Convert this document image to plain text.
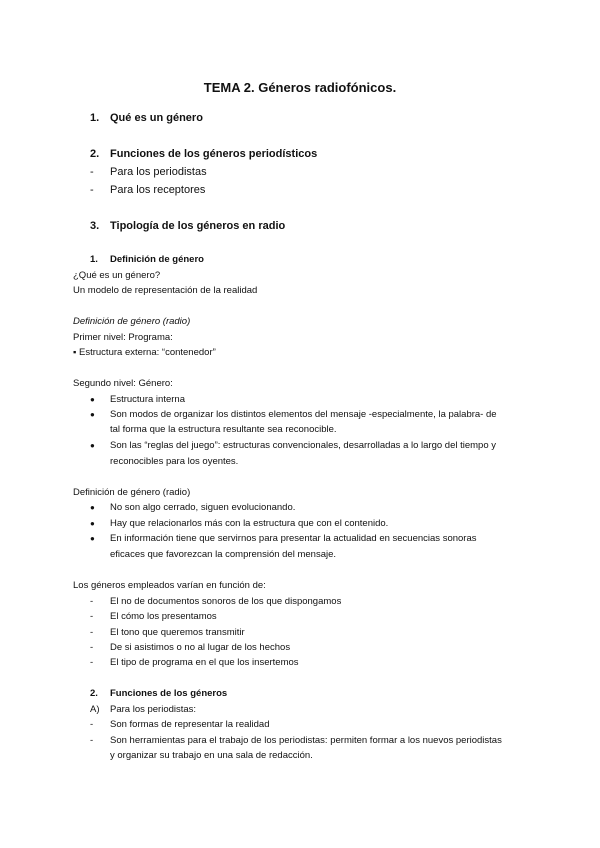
TEMA 2. Géneros radiofónicos.
1. Qué es un género
2. Funciones de los géneros periodísticos
- Para los periodistas
- Para los receptores
3. Tipología de los géneros en radio
1. Definición de género
¿Qué es un género?
Un modelo de representación de la realidad
Definición de género (radio)
Primer nivel: Programa:
▪ Estructura externa: “contenedor”
Segundo nivel: Género:
● Estructura interna
● Son modos de organizar los distintos elementos del mensaje -especialmente, la palabra- de
tal forma que la estructura resultante sea reconocible.
● Son las “reglas del juego”: estructuras convencionales, desarrolladas a lo largo del tiempo y
reconocibles para los oyentes.
Definición de género (radio)
● No son algo cerrado, siguen evolucionando.
● Hay que relacionarlos más con la estructura que con el contenido.
● En información tiene que servirnos para presentar la actualidad en secuencias sonoras
eficaces que favorezcan la comprensión del mensaje.
Los géneros empleados varían en función de:
- El no de documentos sonoros de los que dispongamos
- El cómo los presentamos
- El tono que queremos transmitir
- De si asistimos o no al lugar de los hechos
- El tipo de programa en el que los insertemos
2. Funciones de los géneros
A) Para los periodistas:
- Son formas de representar la realidad
- Son herramientas para el trabajo de los periodistas: permiten formar a los nuevos periodistas
y organizar su trabajo en una sala de redacción.
